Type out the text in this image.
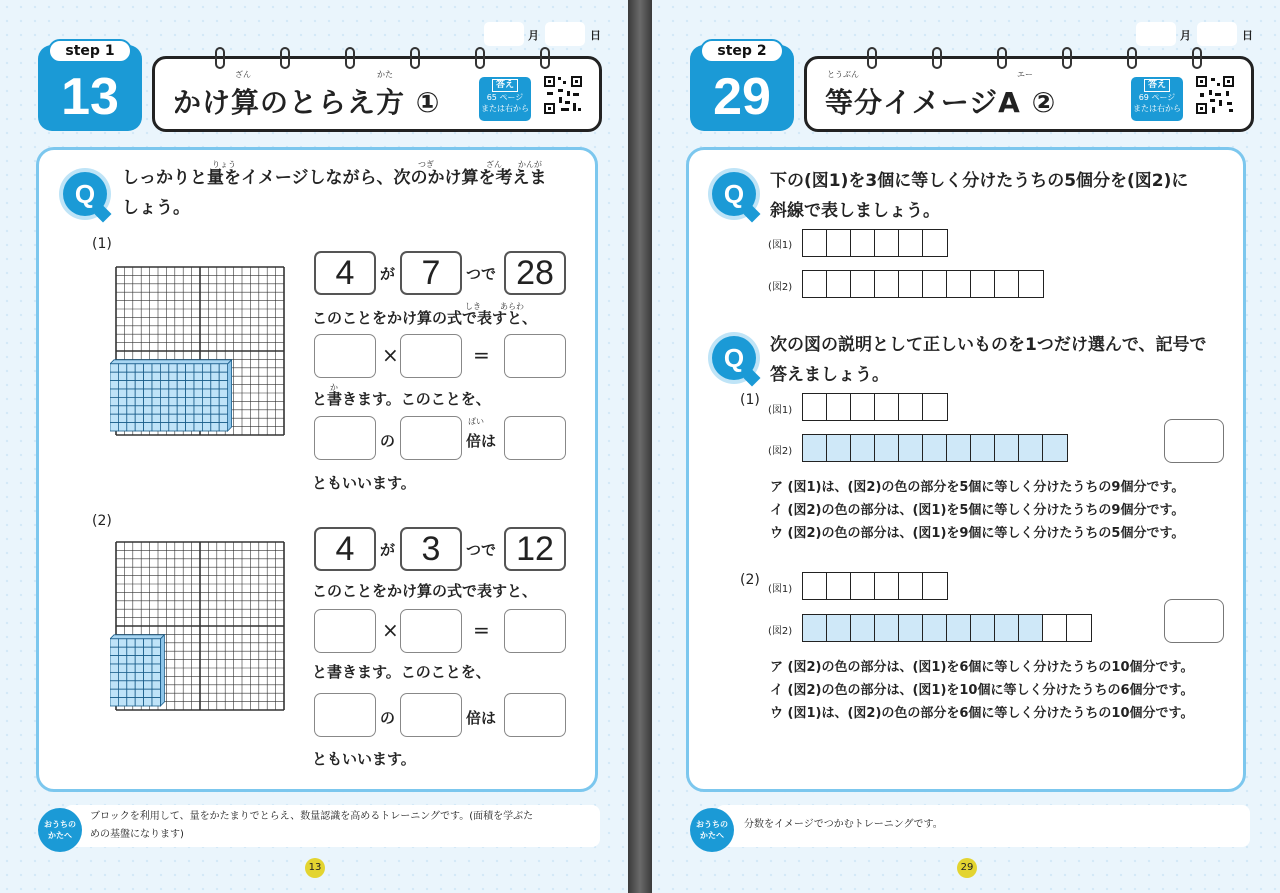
月	日
step 1
13	ざん	かた
かけ算のとらえ方 ①
答え
65 ページ
または右から
Q
りょう	つぎ	ざん かんが
しっかりと量をイメージしながら、次のかけ算を考えま
しょう。
(1)
4	が 7	つで 28
しき あらわ
このことをかけ算の式で表すと、
×	=
か
と書きます。このことを、
の
ばい
倍は
ともいいます。
(2)
4	が 3	つで 12
このことをかけ算の式で表すと、
×	=
と書きます。このことを、
の	倍は
ともいいます。
おうちの
かたへ
ブロックを利用して、量をかたまりでとらえ、数量認識を高めるトレーニングです。(面積を学ぶた
めの基盤になります)
13
月	日
step 2
29	とうぶん	エー
等分イメージA ②
答え
69 ページ
または右から
Q	下の(図1)を3個に等しく分けたうちの5個分を(図2)に
斜線で表しましょう。
(図1)
(図2)
Q	次の図の説明として正しいものを1つだけ選んで、記号で
答えましょう。
(1)
(図1)
(図2)
ア (図1)は、(図2)の色の部分を5個に等しく分けたうちの9個分です。
イ (図2)の色の部分は、(図1)を5個に等しく分けたうちの9個分です。
ウ (図2)の色の部分は、(図1)を9個に等しく分けたうちの5個分です。
(2)
(図1)
(図2)
ア (図2)の色の部分は、(図1)を6個に等しく分けたうちの10個分です。
イ (図2)の色の部分は、(図1)を10個に等しく分けたうちの6個分です。
ウ (図1)は、(図2)の色の部分を6個に等しく分けたうちの10個分です。
おうちの
かたへ
分数をイメージでつかむトレーニングです。
29
